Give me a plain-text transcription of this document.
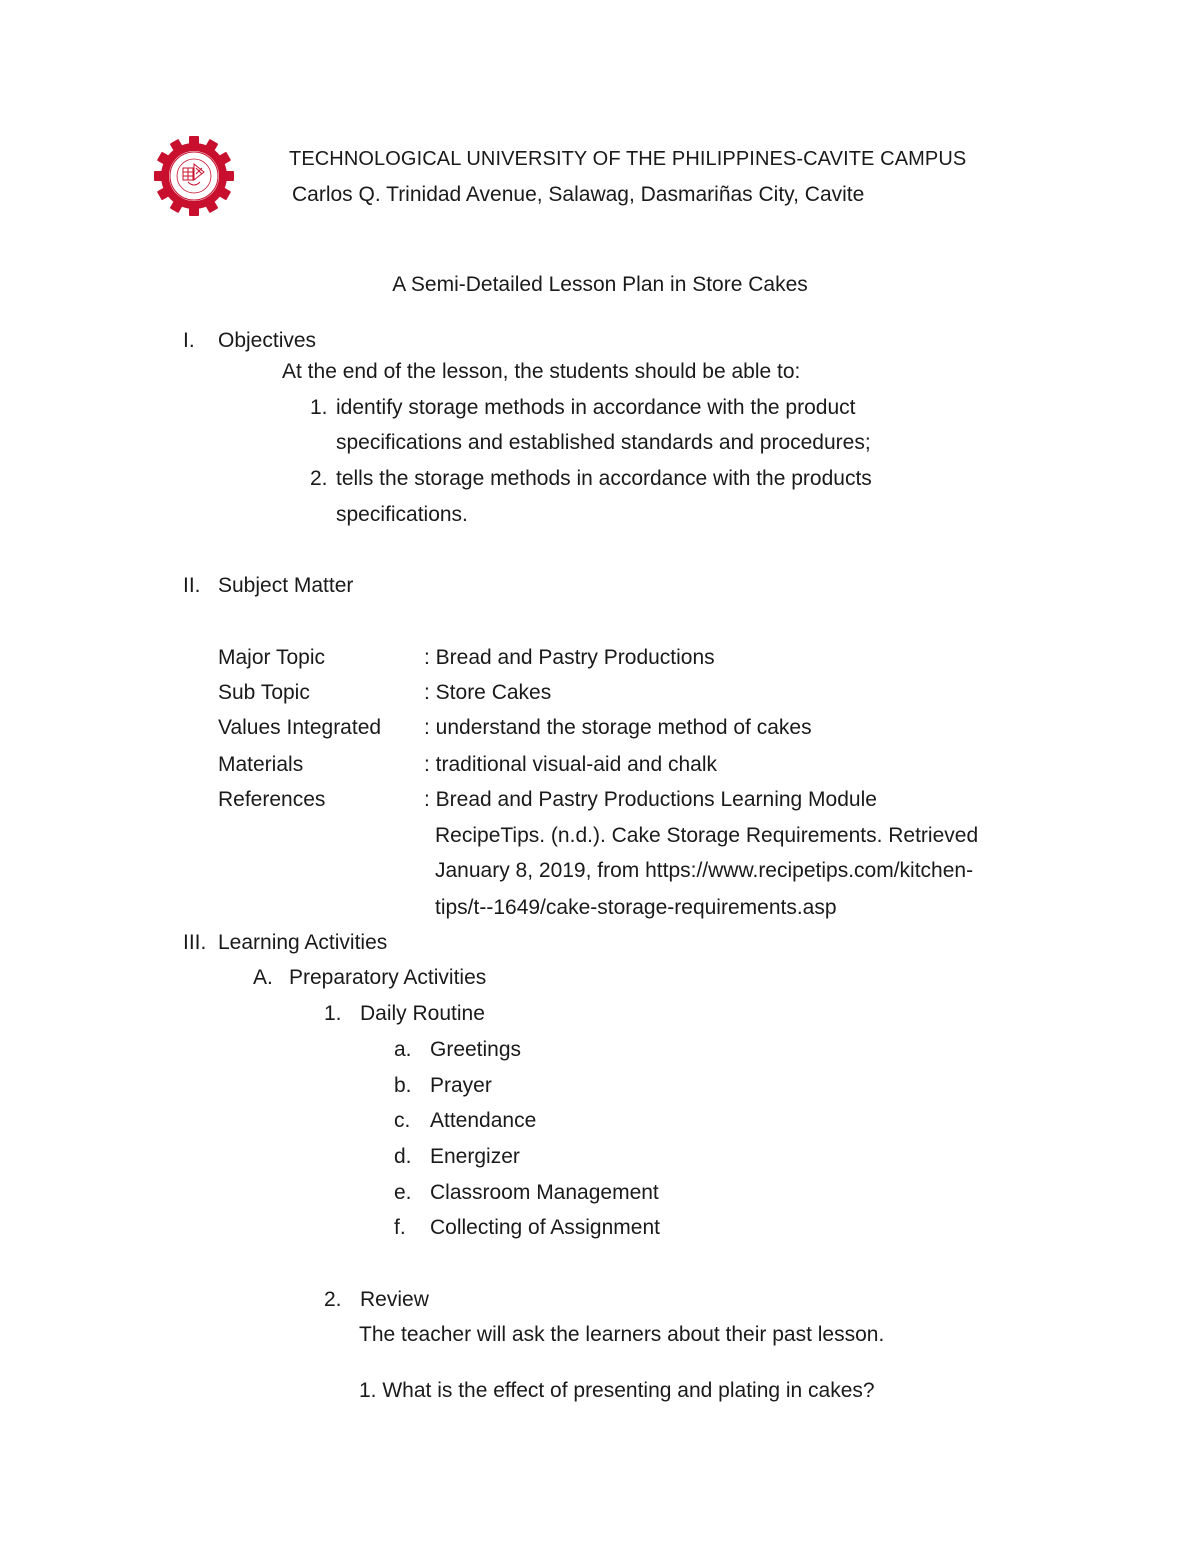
TECHNOLOGICAL UNIVERSITY OF THE PHILIPPINES-CAVITE CAMPUS
Carlos Q. Trinidad Avenue, Salawag, Dasmariñas City, Cavite
A Semi-Detailed Lesson Plan in Store Cakes
I. Objectives
At the end of the lesson, the students should be able to:
1. identify storage methods in accordance with the product
specifications and established standards and procedures;
2. tells the storage methods in accordance with the products
specifications.
II. Subject Matter
Major Topic	: Bread and Pastry Productions
Sub Topic	: Store Cakes
Values Integrated : understand the storage method of cakes
Materials	: traditional visual-aid and chalk
References	: Bread and Pastry Productions Learning Module
RecipeTips. (n.d.). Cake Storage Requirements. Retrieved
January 8, 2019, from https://www.recipetips.com/kitchen-
tips/t--1649/cake-storage-requirements.asp
III. Learning Activities
A. Preparatory Activities
1. Daily Routine
a. Greetings
b. Prayer
c. Attendance
d. Energizer
e. Classroom Management
f. Collecting of Assignment
2. Review
The teacher will ask the learners about their past lesson.
1. What is the effect of presenting and plating in cakes?
